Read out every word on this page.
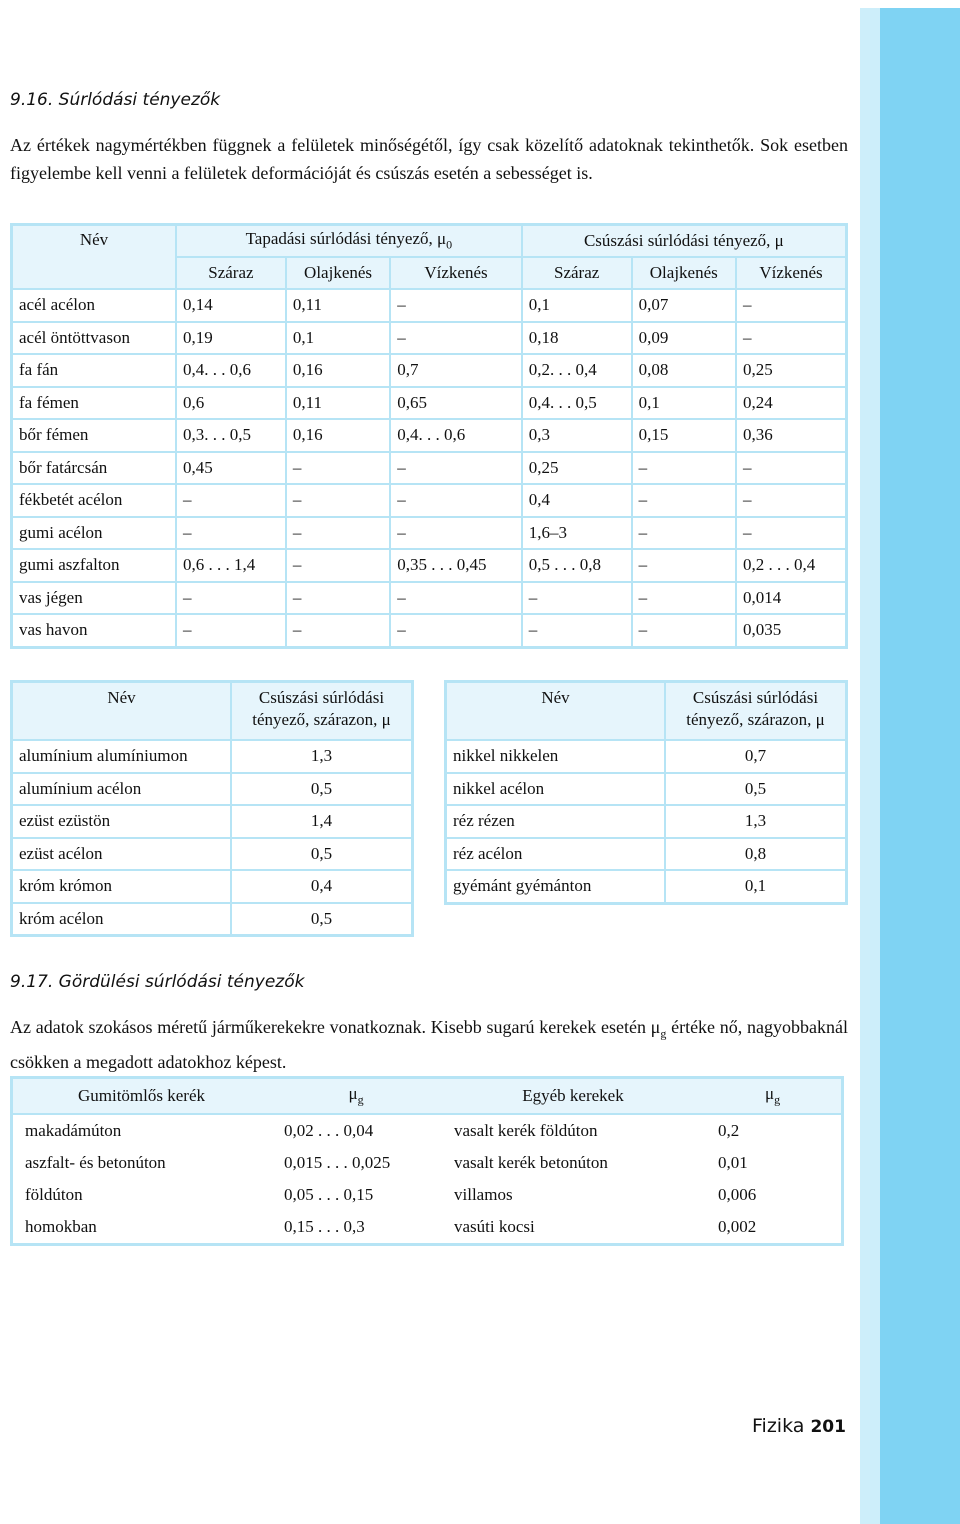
9.16. Súrlódási tényezők

Az értékek nagymértékben függnek a felületek minőségétől, így csak közelítő adatoknak tekinthetők. Sok esetben figyelembe kell venni a felületek deformációját és csúszás esetén a sebességet is.

Név	Tapadási súrlódási tényező, $\mu_0$			Csúszási súrlódási tényező, μ		
	Száraz	Olajkenés	Vízkenés	Száraz	Olajkenés	Vízkenés
acél acélon	0,14	0,11	–	0,1	0,07	–
acél öntöttvason	0,19	0,1	–	0,18	0,09	–
fa fán	0,4. . . 0,6	0,16	0,7	0,2. . . 0,4	0,08	0,25
fa fémen	0,6	0,11	0,65	0,4. . . 0,5	0,1	0,24
bőr fémen	0,3. . . 0,5	0,16	0,4. . . 0,6	0,3	0,15	0,36
bőr fatárcsán	0,45	–	–	0,25	–	–
fékbetét acélon	–	–	–	0,4	–	–
gumi acélon	–	–	–	1,6–3	–	–
gumi aszfalton	0,6 . . . 1,4	–	0,35 . . . 0,45	0,5 . . . 0,8	–	0,2 . . . 0,4
vas jégen	–	–	–	–	–	0,014
vas havon	–	–	–	–	–	0,035
Név	Csúszási súrlódási
tényező, szárazon, μ
alumínium alumíniumon	1,3
alumínium acélon	0,5
ezüst ezüstön	1,4
ezüst acélon	0,5
króm krómon	0,4
króm acélon	0,5
Név	Csúszási súrlódási
tényező, szárazon, μ
nikkel nikkelen	0,7
nikkel acélon	0,5
réz rézen	1,3
réz acélon	0,8
gyémánt gyémánton	0,1
9.17. Gördülési súrlódási tényezők

Az adatok szokásos méretű járműkerekekre vonatkoznak. Kisebb sugarú kerekek esetén $\mu_g$ értéke nő, nagyobbaknál csökken a megadott adatokhoz képest.

Gumitömlős kerék	$\mu_g$	Egyéb kerekek	$\mu_g$
makadámúton	0,02 . . . 0,04	vasalt kerék földúton	0,2
aszfalt- és betonúton	0,015 . . . 0,025	vasalt kerék betonúton	0,01
földúton	0,05 . . . 0,15	villamos	0,006
homokban	0,15 . . . 0,3	vasúti kocsi	0,002
Fizika 201
